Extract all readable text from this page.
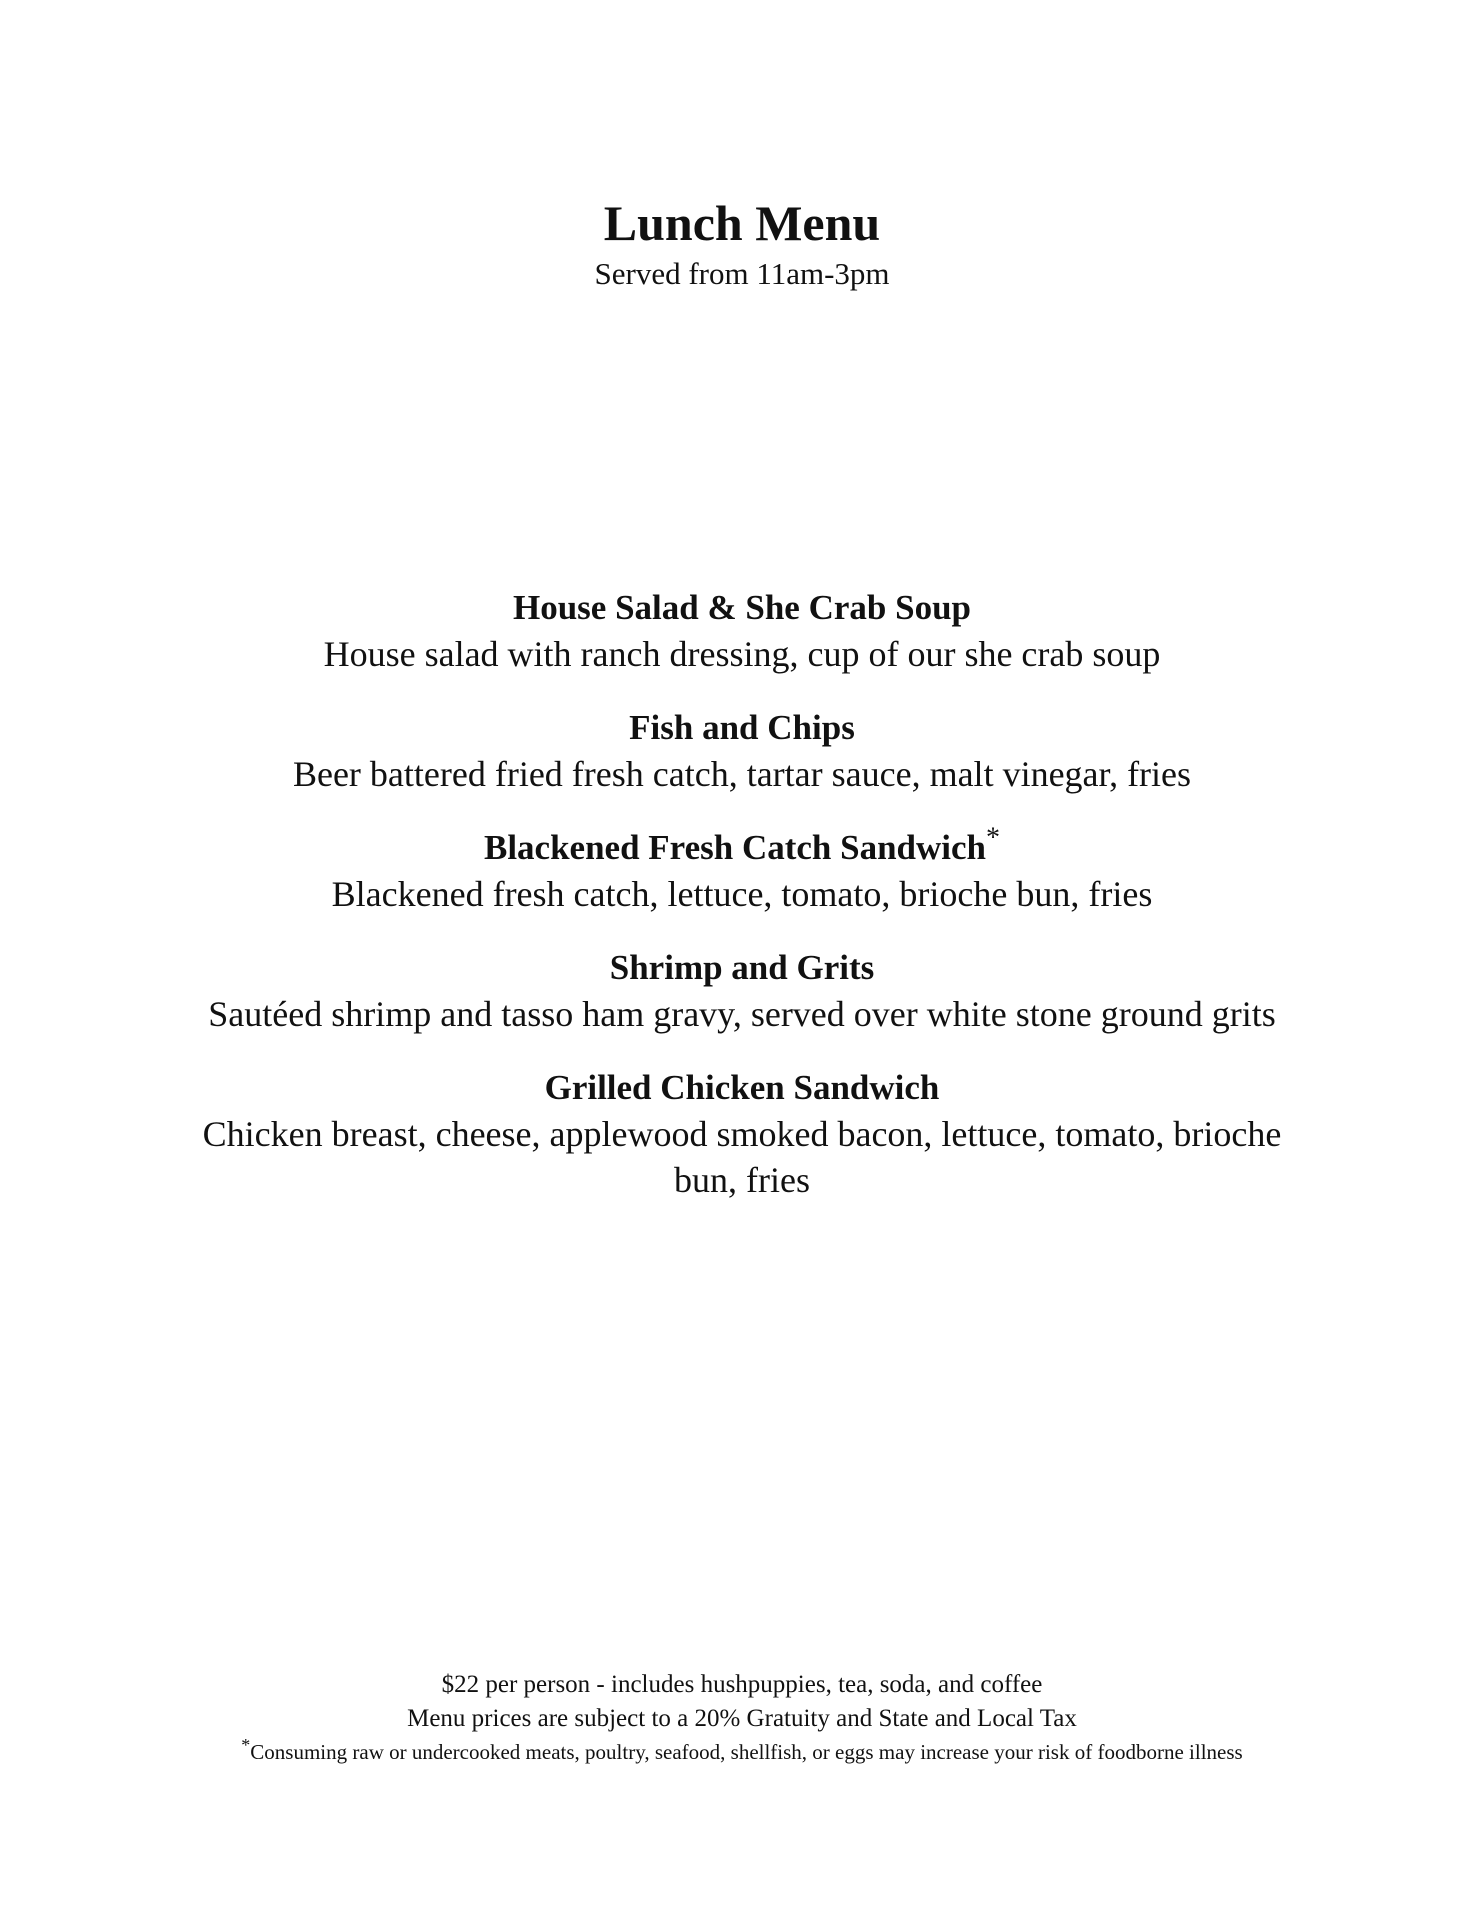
Lunch Menu

Served from 11am-3pm

House Salad & She Crab Soup

House salad with ranch dressing, cup of our she crab soup

Fish and Chips

Beer battered fried fresh catch, tartar sauce, malt vinegar, fries

Blackened Fresh Catch Sandwich*

Blackened fresh catch, lettuce, tomato, brioche bun, fries

Shrimp and Grits

Sautéed shrimp and tasso ham gravy, served over white stone ground grits

Grilled Chicken Sandwich

Chicken breast, cheese, applewood smoked bacon, lettuce, tomato, brioche bun, fries

$22 per person - includes hushpuppies, tea, soda, and coffee

Menu prices are subject to a 20% Gratuity and State and Local Tax

*Consuming raw or undercooked meats, poultry, seafood, shellfish, or eggs may increase your risk of foodborne illness
